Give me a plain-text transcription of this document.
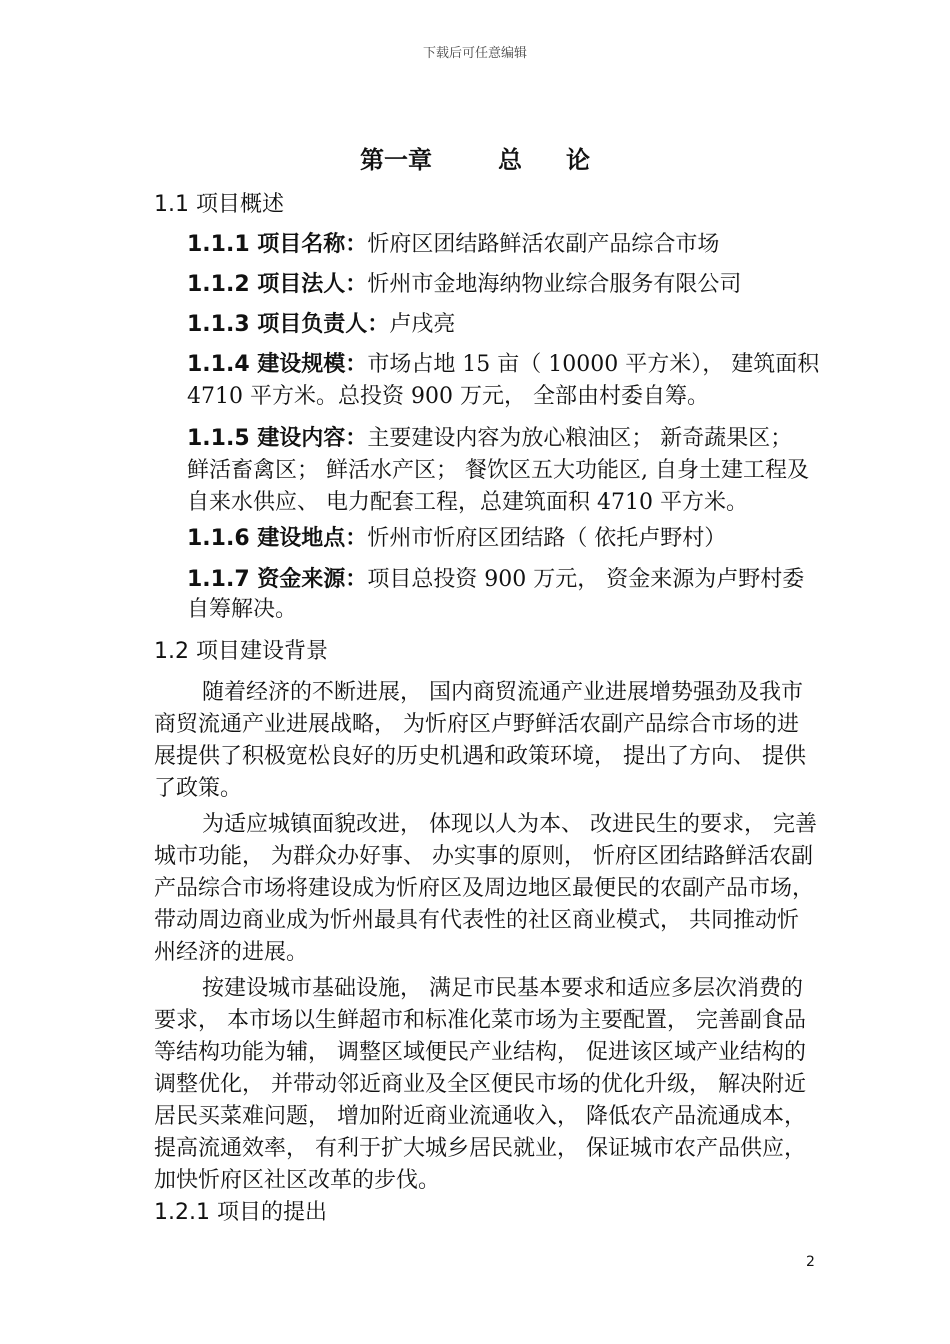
下载后可任意编辑
第一章	总 论
1.1 项目概述
1.1.1 项目名称：忻府区团结路鲜活农副产品综合市场
1.1.2 项目法人：忻州市金地海纳物业综合服务有限公司
1.1.3 项目负责人：卢戌亮
1.1.4 建设规模：市场占地 15 亩（ 10000 平方米）， 建筑面积
4710 平方米。总投资 900 万元， 全部由村委自筹。
1.1.5 建设内容：主要建设内容为放心粮油区； 新奇蔬果区；
鲜活畜禽区； 鲜活水产区； 餐饮区五大功能区, 自身土建工程及自来水供应、 电力配套工程，总建筑面积 4710 平方米。
1.1.6 建设地点：忻州市忻府区团结路（ 依托卢野村）
1.1.7 资金来源：项目总投资 900 万元， 资金来源为卢野村委
自筹解决。
1.2 项目建设背景
随着经济的不断进展， 国内商贸流通产业进展增势强劲及我市商贸流通产业进展战略， 为忻府区卢野鲜活农副产品综合市场的进展提供了积极宽松良好的历史机遇和政策环境， 提出了方向、 提供了政策。
为适应城镇面貌改进， 体现以人为本、 改进民生的要求， 完善城市功能， 为群众办好事、 办实事的原则， 忻府区团结路鲜活农副产品综合市场将建设成为忻府区及周边地区最便民的农副产品市场， 带动周边商业成为忻州最具有代表性的社区商业模式， 共同推动忻州经济的进展。
按建设城市基础设施， 满足市民基本要求和适应多层次消费的要求， 本市场以生鲜超市和标准化菜市场为主要配置， 完善副食品等结构功能为辅， 调整区域便民产业结构， 促进该区域产业结构的调整优化， 并带动邻近商业及全区便民市场的优化升级， 解决附近居民买菜难问题， 增加附近商业流通收入， 降低农产品流通成本， 提高流通效率， 有利于扩大城乡居民就业， 保证城市农产品供应， 加快忻府区社区改革的步伐。
1.2.1 项目的提出
2
